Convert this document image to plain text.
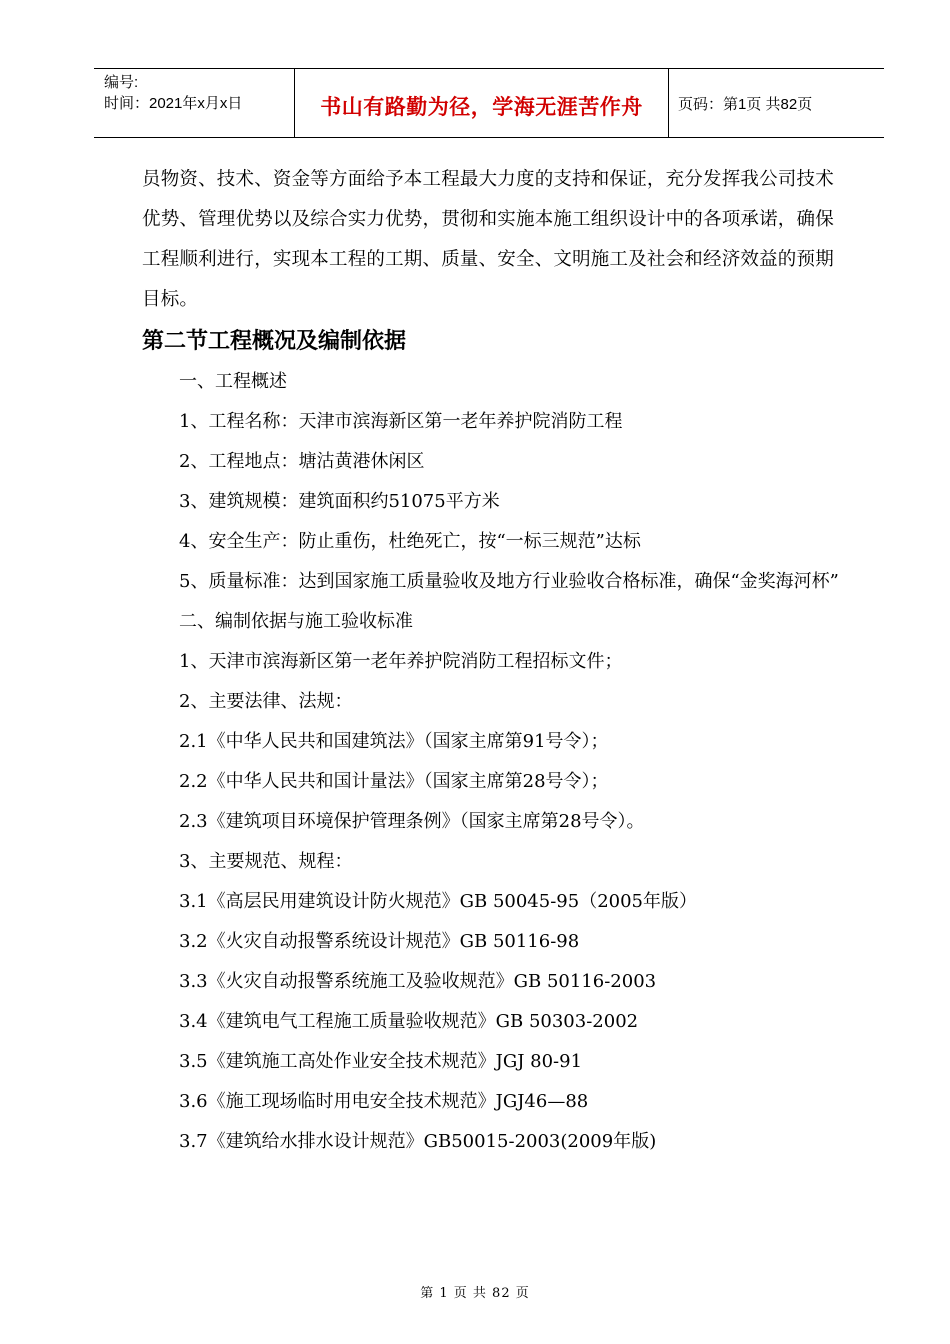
编号:
时间：2021年x月x日	书山有路勤为径，学海无涯苦作舟	页码：第1页 共82页

员物资、技术、资金等方面给予本工程最大力度的支持和保证，充分发挥我公司技术优势、管理优势以及综合实力优势，贯彻和实施本施工组织设计中的各项承诺，确保工程顺利进行，实现本工程的工期、质量、安全、文明施工及社会和经济效益的预期目标。

第二节工程概况及编制依据

一、工程概述

1、工程名称：天津市滨海新区第一老年养护院消防工程

2、工程地点：塘沽黄港休闲区

3、建筑规模：建筑面积约51075平方米

4、安全生产：防止重伤，杜绝死亡，按“一标三规范”达标

5、质量标准：达到国家施工质量验收及地方行业验收合格标准，确保“金奖海河杯”

二、编制依据与施工验收标准

1、天津市滨海新区第一老年养护院消防工程招标文件；

2、主要法律、法规：

2.1《中华人民共和国建筑法》（国家主席第91号令）；

2.2《中华人民共和国计量法》（国家主席第28号令）；

2.3《建筑项目环境保护管理条例》（国家主席第28号令）。

3、主要规范、规程：

3.1《高层民用建筑设计防火规范》GB 50045-95（2005年版）

3.2《火灾自动报警系统设计规范》GB 50116-98

3.3《火灾自动报警系统施工及验收规范》GB 50116-2003

3.4《建筑电气工程施工质量验收规范》GB 50303-2002

3.5《建筑施工高处作业安全技术规范》JGJ 80-91

3.6《施工现场临时用电安全技术规范》JGJ46—88

3.7《建筑给水排水设计规范》GB50015-2003(2009年版)

第 1 页 共 82 页
